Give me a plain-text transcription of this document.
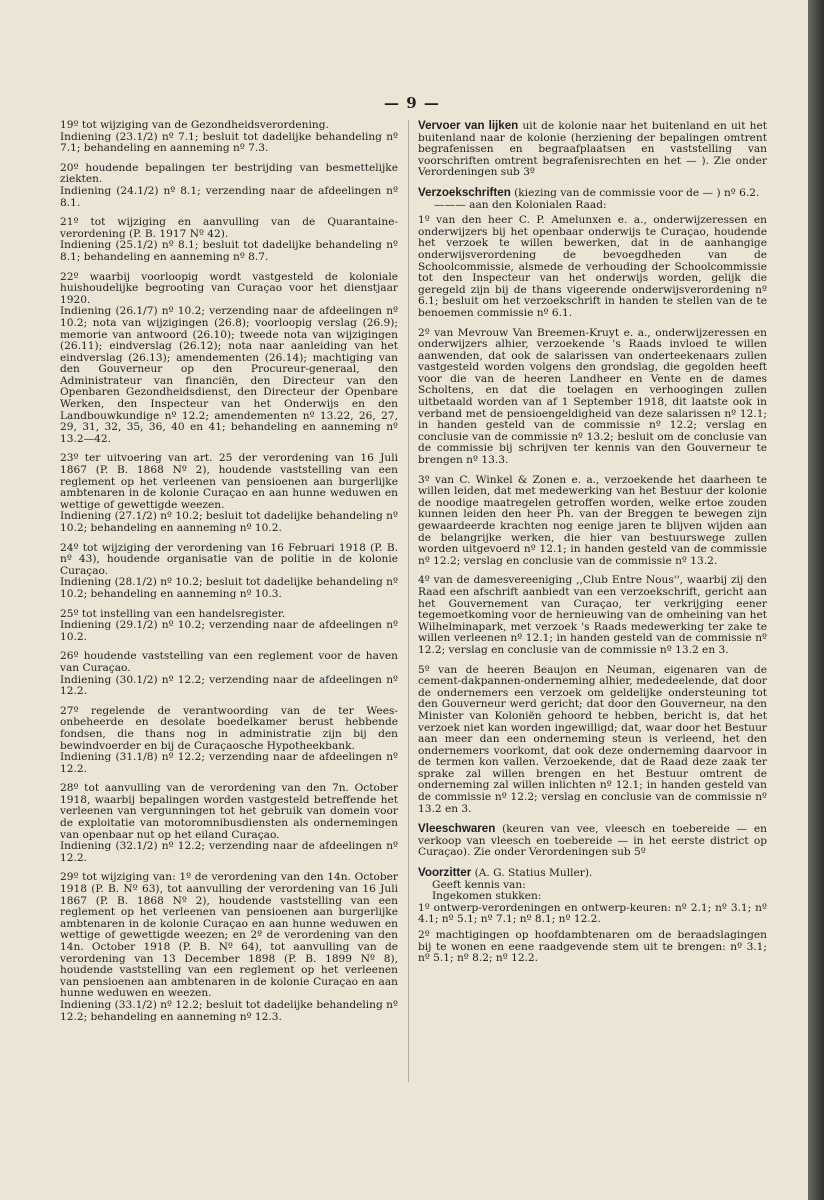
— 9 —

19º tot wijziging van de Gezondheidsverordening.

Indiening (23.1/2) nº 7.1; besluit tot dadelijke behandeling nº 7.1; behandeling en aanneming nº 7.3.

20º houdende bepalingen ter bestrijding van besmettelijke ziekten.

Indiening (24.1/2) nº 8.1; verzending naar de afdeelingen nº 8.1.

21º tot wijziging en aanvulling van de Quarantaine-verordening (P. B. 1917 Nº 42).

Indiening (25.1/2) nº 8.1; besluit tot dadelijke behandeling nº 8.1; behandeling en aanneming nº 8.7.

22º waarbij voorloopig wordt vastgesteld de koloniale huishoudelijke begrooting van Curaçao voor het dienstjaar 1920.

Indiening (26.1/7) nº 10.2; verzending naar de afdeelingen nº 10.2; nota van wijzigingen (26.8); voorloopig verslag (26.9); memorie van antwoord (26.10); tweede nota van wijzigingen (26.11); eindverslag (26.12); nota naar aanleiding van het eindverslag (26.13); amendementen (26.14); machtiging van den Gouverneur op den Procureur-generaal, den Administrateur van financiën, den Directeur van den Openbaren Gezondheidsdienst, den Directeur der Openbare Werken, den Inspecteur van het Onderwijs en den Landbouwkundige nº 12.2; amendementen nº 13.22, 26, 27, 29, 31, 32, 35, 36, 40 en 41; behandeling en aanneming nº 13.2—42.

23º ter uitvoering van art. 25 der verordening van 16 Juli 1867 (P. B. 1868 Nº 2), houdende vaststelling van een reglement op het verleenen van pensioenen aan burgerlijke ambtenaren in de kolonie Curaçao en aan hunne weduwen en wettige of gewettigde weezen.

Indiening (27.1/2) nº 10.2; besluit tot dadelijke behandeling nº 10.2; behandeling en aanneming nº 10.2.

24º tot wijziging der verordening van 16 Februari 1918 (P. B. nº 43), houdende organisatie van de politie in de kolonie Curaçao.

Indiening (28.1/2) nº 10.2; besluit tot dadelijke behandeling nº 10.2; behandeling en aanneming nº 10.3.

25º tot instelling van een handelsregister.

Indiening (29.1/2) nº 10.2; verzending naar de afdeelingen nº 10.2.

26º houdende vaststelling van een reglement voor de haven van Curaçao.

Indiening (30.1/2) nº 12.2; verzending naar de afdeelingen nº 12.2.

27º regelende de verantwoording van de ter Wees- onbeheerde en desolate boedelkamer berust hebbende fondsen, die thans nog in administratie zijn bij den bewindvoerder en bij de Curaçaosche Hypotheekbank.

Indiening (31.1/8) nº 12.2; verzending naar de afdeelingen nº 12.2.

28º tot aanvulling van de verordening van den 7n. October 1918, waarbij bepalingen worden vastgesteld betreffende het verleenen van vergunningen tot het gebruik van domein voor de exploitatie van motoromnibusdiensten als ondernemingen van openbaar nut op het eiland Curaçao.

Indiening (32.1/2) nº 12.2; verzending naar de afdeelingen nº 12.2.

29º tot wijziging van: 1º de verordening van den 14n. October 1918 (P. B. Nº 63), tot aanvulling der verordening van 16 Juli 1867 (P. B. 1868 Nº 2), houdende vaststelling van een reglement op het verleenen van pensioenen aan burgerlijke ambtenaren in de kolonie Curaçao en aan hunne weduwen en wettige of gewettigde weezen; en 2º de verordening van den 14n. October 1918 (P. B. Nº 64), tot aanvulling van de verordening van 13 December 1898 (P. B. 1899 Nº 8), houdende vaststelling van een reglement op het verleenen van pensioenen aan ambtenaren in de kolonie Curaçao en aan hunne weduwen en weezen.

Indiening (33.1/2) nº 12.2; besluit tot dadelijke behandeling nº 12.2; behandeling en aanneming nº 12.3.

Vervoer van lijken uit de kolonie naar het buitenland en uit het buitenland naar de kolonie (herziening der bepalingen omtrent begrafenissen en begraafplaatsen en vaststelling van voorschriften omtrent begrafenisrechten en het — ). Zie onder Verordeningen sub 3º

Verzoekschriften (kiezing van de commissie voor de — ) nº 6.2.

——— aan den Kolonialen Raad:

1º van den heer C. P. Amelunxen e. a., onderwijzeressen en onderwijzers bij het openbaar onderwijs te Curaçao, houdende het verzoek te willen bewerken, dat in de aanhangige onderwijsverordening de bevoegdheden van de Schoolcommissie, alsmede de verhouding der Schoolcommissie tot den Inspecteur van het onderwijs worden, gelijk die geregeld zijn bij de thans vigeerende onderwijsverordening nº 6.1; besluit om het verzoekschrift in handen te stellen van de te benoemen commissie nº 6.1.

2º van Mevrouw Van Breemen-Kruyt e. a., onderwijzeressen en onderwijzers alhier, verzoekende 's Raads invloed te willen aanwenden, dat ook de salarissen van onderteekenaars zullen vastgesteld worden volgens den grondslag, die gegolden heeft voor die van de heeren Landheer en Vente en de dames Scholtens, en dat die toelagen en verhoogingen zullen uitbetaald worden van af 1 September 1918, dit laatste ook in verband met de pensioengeldigheid van deze salarissen nº 12.1; in handen gesteld van de commissie nº 12.2; verslag en conclusie van de commissie nº 13.2; besluit om de conclusie van de commissie bij schrijven ter kennis van den Gouverneur te brengen nº 13.3.

3º van C. Winkel & Zonen e. a., verzoekende het daarheen te willen leiden, dat met medewerking van het Bestuur der kolonie de noodige maatregelen getroffen worden, welke ertoe zouden kunnen leiden den heer Ph. van der Breggen te bewegen zijn gewaardeerde krachten nog eenige jaren te blijven wijden aan de belangrijke werken, die hier van bestuurswege zullen worden uitgevoerd nº 12.1; in handen gesteld van de commissie nº 12.2; verslag en conclusie van de commissie nº 13.2.

4º van de damesvereeniging ,,Club Entre Nous'', waarbij zij den Raad een afschrift aanbiedt van een verzoekschrift, gericht aan het Gouvernement van Curaçao, ter verkrijging eener tegemoetkoming voor de hernieuwing van de omheining van het Wilhelminapark, met verzoek 's Raads medewerking ter zake te willen verleenen nº 12.1; in handen gesteld van de commissie nº 12.2; verslag en conclusie van de commissie nº 13.2 en 3.

5º van de heeren Beaujon en Neuman, eigenaren van de cement-dakpannen-onderneming alhier, mededeelende, dat door de ondernemers een verzoek om geldelijke ondersteuning tot den Gouverneur werd gericht; dat door den Gouverneur, na den Minister van Koloniën gehoord te hebben, bericht is, dat het verzoek niet kan worden ingewilligd; dat, waar door het Bestuur aan meer dan een onderneming steun is verleend, het den ondernemers voorkomt, dat ook deze onderneming daarvoor in de termen kon vallen. Verzoekende, dat de Raad deze zaak ter sprake zal willen brengen en het Bestuur omtrent de onderneming zal willen inlichten nº 12.1; in handen gesteld van de commissie nº 12.2; verslag en conclusie van de commissie nº 13.2 en 3.

Vleeschwaren (keuren van vee, vleesch en toebereide — en verkoop van vleesch en toebereide — in het eerste district op Curaçao). Zie onder Verordeningen sub 5º

Voorzitter (A. G. Statius Muller).

Geeft kennis van:

Ingekomen stukken:

1º ontwerp-verordeningen en ontwerp-keuren: nº 2.1; nº 3.1; nº 4.1; nº 5.1; nº 7.1; nº 8.1; nº 12.2.

2º machtigingen op hoofdambtenaren om de beraadslagingen bij te wonen en eene raadgevende stem uit te brengen: nº 3.1; nº 5.1; nº 8.2; nº 12.2.
